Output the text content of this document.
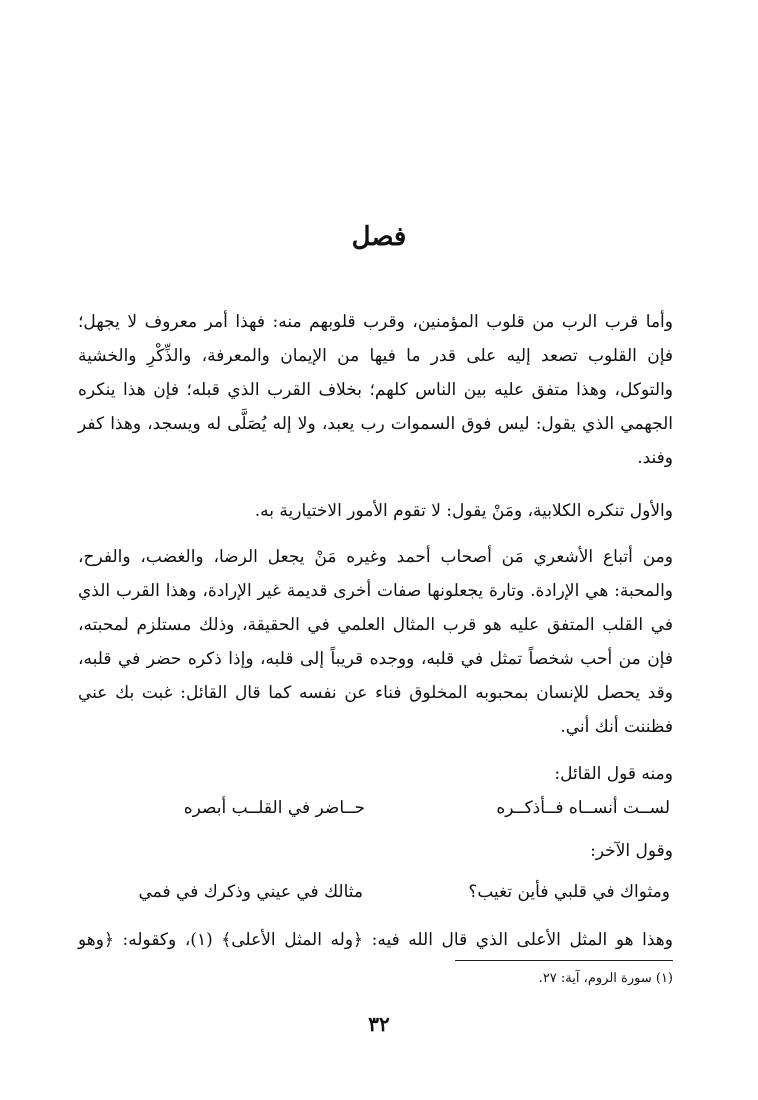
فصل
وأما قرب الرب من قلوب المؤمنين، وقرب قلوبهم منه: فهذا أمر معروف لا يجهل؛ فإن القلوب تصعد إليه على قدر ما فيها من الإيمان والمعرفة، والذِّكْرِ والخشية والتوكل، وهذا متفق عليه بين الناس كلهم؛ بخلاف القرب الذي قبله؛ فإن هذا ينكره الجهمي الذي يقول: ليس فوق السموات رب يعبد، ولا إله يُصَلَّى له ويسجد، وهذا كفر وفند.
والأول تنكره الكلابية، ومَنْ يقول: لا تقوم الأمور الاختيارية به.
ومن أتباع الأشعري مَن أصحاب أحمد وغيره مَنْ يجعل الرضا، والغضب، والفرح، والمحبة: هي الإرادة. وتارة يجعلونها صفات أخرى قديمة غير الإرادة، وهذا القرب الذي في القلب المتفق عليه هو قرب المثال العلمي في الحقيقة، وذلك مستلزم لمحبته، فإن من أحب شخصاً تمثل في قلبه، ووجده قريباً إلى قلبه، وإذا ذكره حضر في قلبه، وقد يحصل للإنسان بمحبوبه المخلوق فناء عن نفسه كما قال القائل: غبت بك عني فظننت أنك أني.
ومنه قول القائل:
حــاضر في القلــب أبصره	لســت أنســاه فــأذكــره
وقول الآخر:
مثالك في عيني وذكرك في فمي	ومثواك في قلبي فأين تغيب؟
وهذا هو المثل الأعلى الذي قال الله فيه: ﴿وله المثل الأعلى﴾ (١)، وكقوله: ﴿وهو
(١) سورة الروم، آية: ٢٧.
٣٢
